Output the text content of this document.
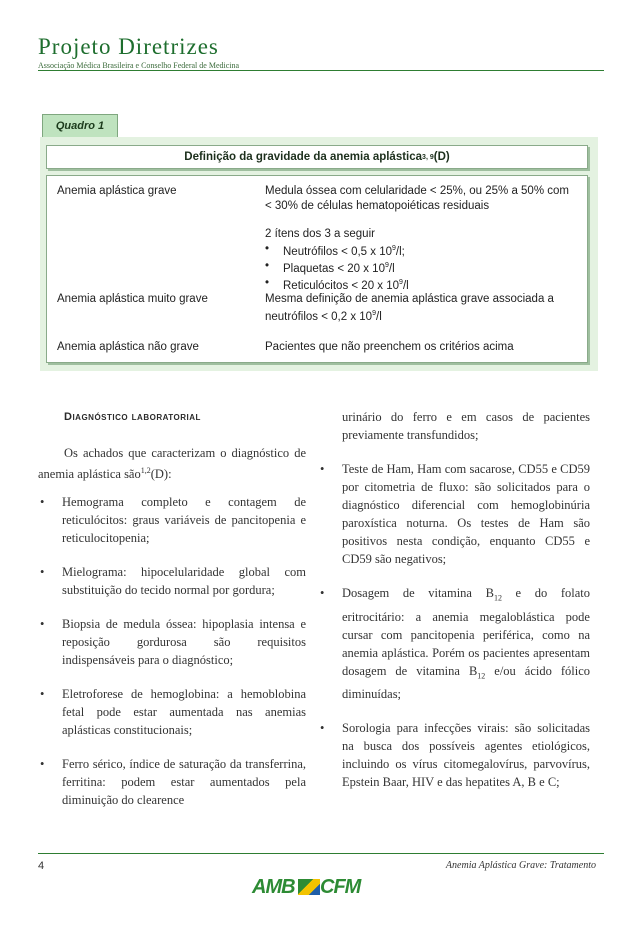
Projeto Diretrizes
Associação Médica Brasileira e Conselho Federal de Medicina
Quadro 1
Definição da gravidade da anemia aplástica 3, 9 (D)
Anemia aplástica grave	Medula óssea com celularidade < 25%, ou 25% a 50% com < 30% de células hematopoiéticas residuais
2 ítens dos 3 a seguir
• Neutrófilos < 0,5 x $10^9/l$;
• Plaquetas < 20 x $10^9/l$
• Reticulócitos < 20 x $10^9/l$
Anemia aplástica muito grave	Mesma definição de anemia aplástica grave associada a neutrófilos < 0,2 x $10^9/l$
Anemia aplástica não grave	Pacientes que não preenchem os critérios acima
Diagnóstico laboratorial
Os achados que caracterizam o diagnóstico de anemia aplástica são$^{1,2}$(D):
• Hemograma completo e contagem de reticulócitos: graus variáveis de pancitopenia e reticulocitopenia;
• Mielograma: hipocelularidade global com substituição do tecido normal por gordura;
• Biopsia de medula óssea: hipoplasia intensa e reposição gordurosa são requisitos indispensáveis para o diagnóstico;
• Eletroforese de hemoglobina: a hemoblobina fetal pode estar aumentada nas anemias aplásticas constitucionais;
• Ferro sérico, índice de saturação da transferrina, ferritina: podem estar aumentados pela diminuição do clearence
urinário do ferro e em casos de pacientes previamente transfundidos;
• Teste de Ham, Ham com sacarose, CD55 e CD59 por citometria de fluxo: são solicitados para o diagnóstico diferencial com hemoglobinúria paroxística noturna. Os testes de Ham são positivos nesta condição, enquanto CD55 e CD59 são negativos;
• Dosagem de vitamina $B_{12}$ e do folato eritrocitário: a anemia megaloblástica pode cursar com pancitopenia periférica, como na anemia aplástica. Porém os pacientes apresentam dosagem de vitamina $B_{12}$ e/ou ácido fólico diminuídas;
• Sorologia para infecções virais: são solicitadas na busca dos possíveis agentes etiológicos, incluindo os vírus citomegalovírus, parvovírus, Epstein Baar, HIV e das hepatites A, B e C;
4	Anemia Aplástica Grave: Tratamento
AMB CFM
